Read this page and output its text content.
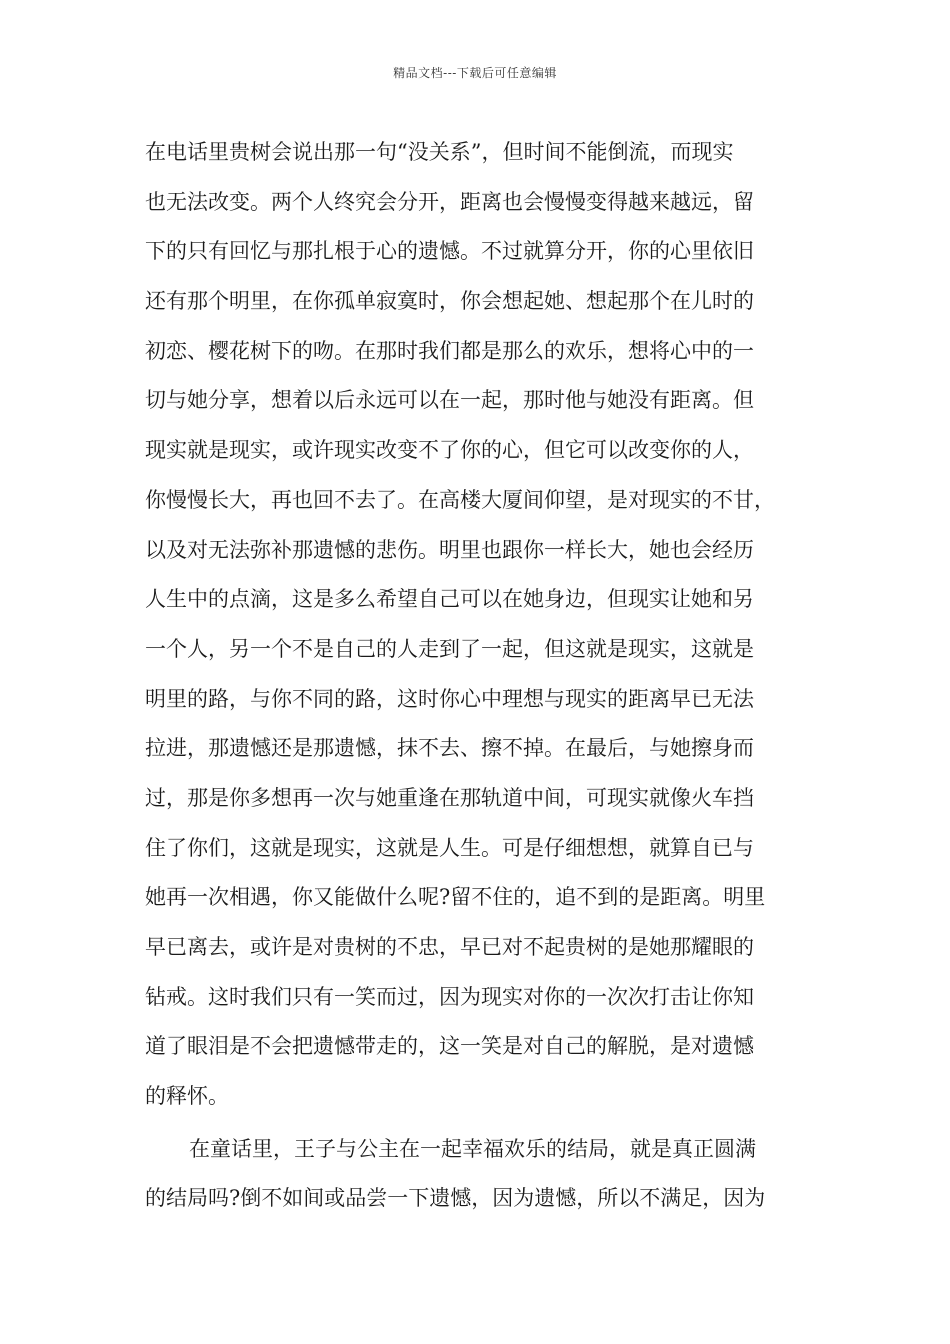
精品文档---下载后可任意编辑
在电话里贵树会说出那一句“没关系”，但时间不能倒流，而现实
也无法改变。两个人终究会分开，距离也会慢慢变得越来越远，留
下的只有回忆与那扎根于心的遗憾。不过就算分开，你的心里依旧
还有那个明里，在你孤单寂寞时，你会想起她、想起那个在儿时的
初恋、樱花树下的吻。在那时我们都是那么的欢乐，想将心中的一
切与她分享，想着以后永远可以在一起，那时他与她没有距离。但
现实就是现实，或许现实改变不了你的心，但它可以改变你的人，
你慢慢长大，再也回不去了。在高楼大厦间仰望，是对现实的不甘，
以及对无法弥补那遗憾的悲伤。明里也跟你一样长大，她也会经历
人生中的点滴，这是多么希望自己可以在她身边，但现实让她和另
一个人，另一个不是自己的人走到了一起，但这就是现实，这就是
明里的路，与你不同的路，这时你心中理想与现实的距离早已无法
拉进，那遗憾还是那遗憾，抹不去、擦不掉。在最后，与她擦身而
过，那是你多想再一次与她重逢在那轨道中间，可现实就像火车挡
住了你们，这就是现实，这就是人生。可是仔细想想，就算自已与
她再一次相遇，你又能做什么呢?留不住的，追不到的是距离。明里
早已离去，或许是对贵树的不忠，早已对不起贵树的是她那耀眼的
钻戒。这时我们只有一笑而过，因为现实对你的一次次打击让你知
道了眼泪是不会把遗憾带走的，这一笑是对自己的解脱，是对遗憾
的释怀。
在童话里，王子与公主在一起幸福欢乐的结局，就是真正圆满
的结局吗?倒不如间或品尝一下遗憾，因为遗憾，所以不满足，因为
